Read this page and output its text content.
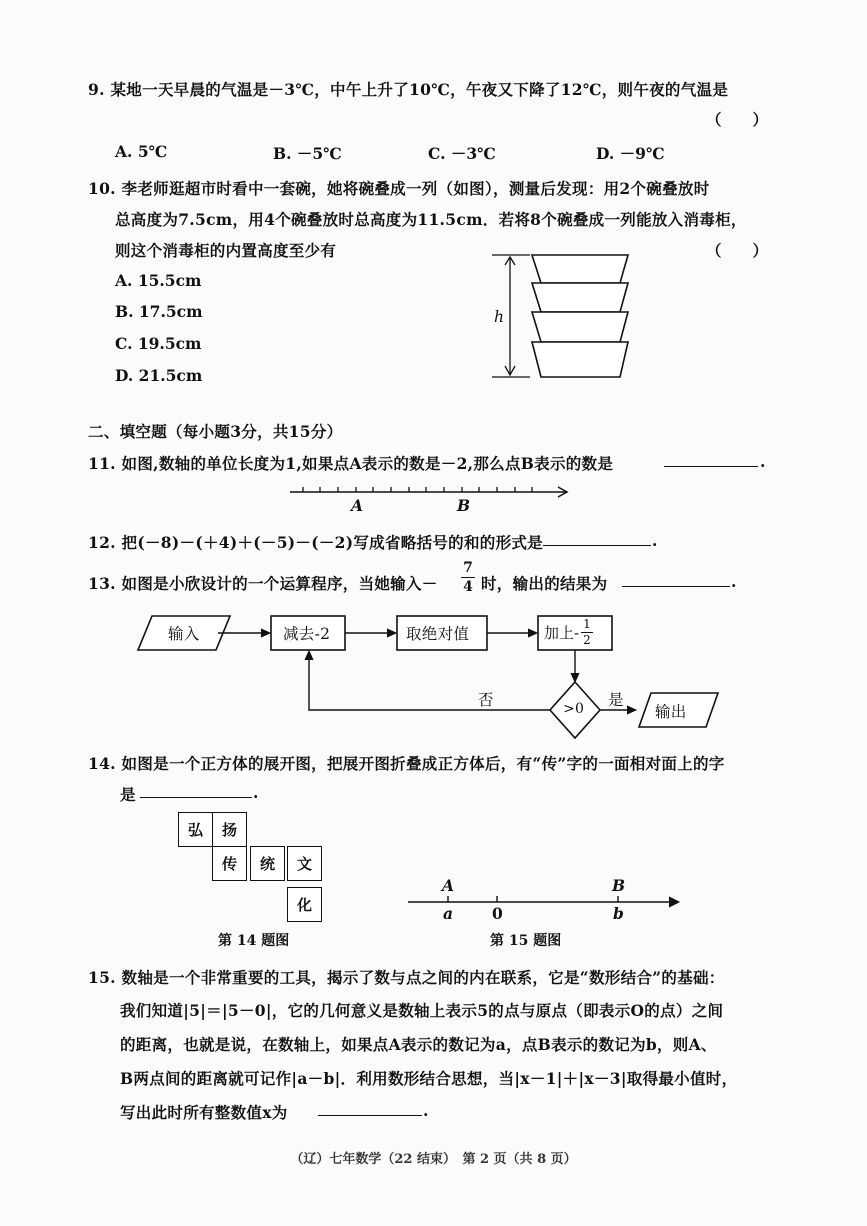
9. 某地一天早晨的气温是－3℃，中午上升了10℃，午夜又下降了12℃，则午夜的气温是
（　　）
A. 5℃	B. －5℃	C. －3℃	D. －9℃
10. 李老师逛超市时看中一套碗，她将碗叠成一列（如图），测量后发现：用2个碗叠放时
总高度为7.5cm，用4个碗叠放时总高度为11.5cm．若将8个碗叠成一列能放入消毒柜，
则这个消毒柜的内置高度至少有	（　　）
A. 15.5cm
B. 17.5cm
C. 19.5cm
D. 21.5cm
h
二、填空题（每小题3分，共15分）
11. 如图,数轴的单位长度为1,如果点A表示的数是－2,那么点B表示的数是	.
A	B
12. 把(－8)－(＋4)＋(－5)－(－2)写成省略括号的和的形式是	.
13. 如图是小欣设计的一个运算程序，当她输入－ $\frac{7}{4}$ 时，输出的结果为	.
输入	减去-2	取绝对值	加上- $\frac{1}{2}$
>0 是
否
输出
14. 如图是一个正方体的展开图，把展开图折叠成正方体后，有“传”字的一面相对面上的字
是	.
弘	扬
传	统	文
化
第 14 题图
A	B
a 0	b
第 15 题图
15. 数轴是一个非常重要的工具，揭示了数与点之间的内在联系，它是“数形结合”的基础：
我们知道|5|＝|5－0|，它的几何意义是数轴上表示5的点与原点（即表示O的点）之间
的距离，也就是说，在数轴上，如果点A表示的数记为a，点B表示的数记为b，则A、
B两点间的距离就可记作|a－b|．利用数形结合思想，当|x－1|＋|x－3|取得最小值时，
写出此时所有整数值x为	.
（辽）七年数学（22 结束）　第 2 页（共 8 页）
